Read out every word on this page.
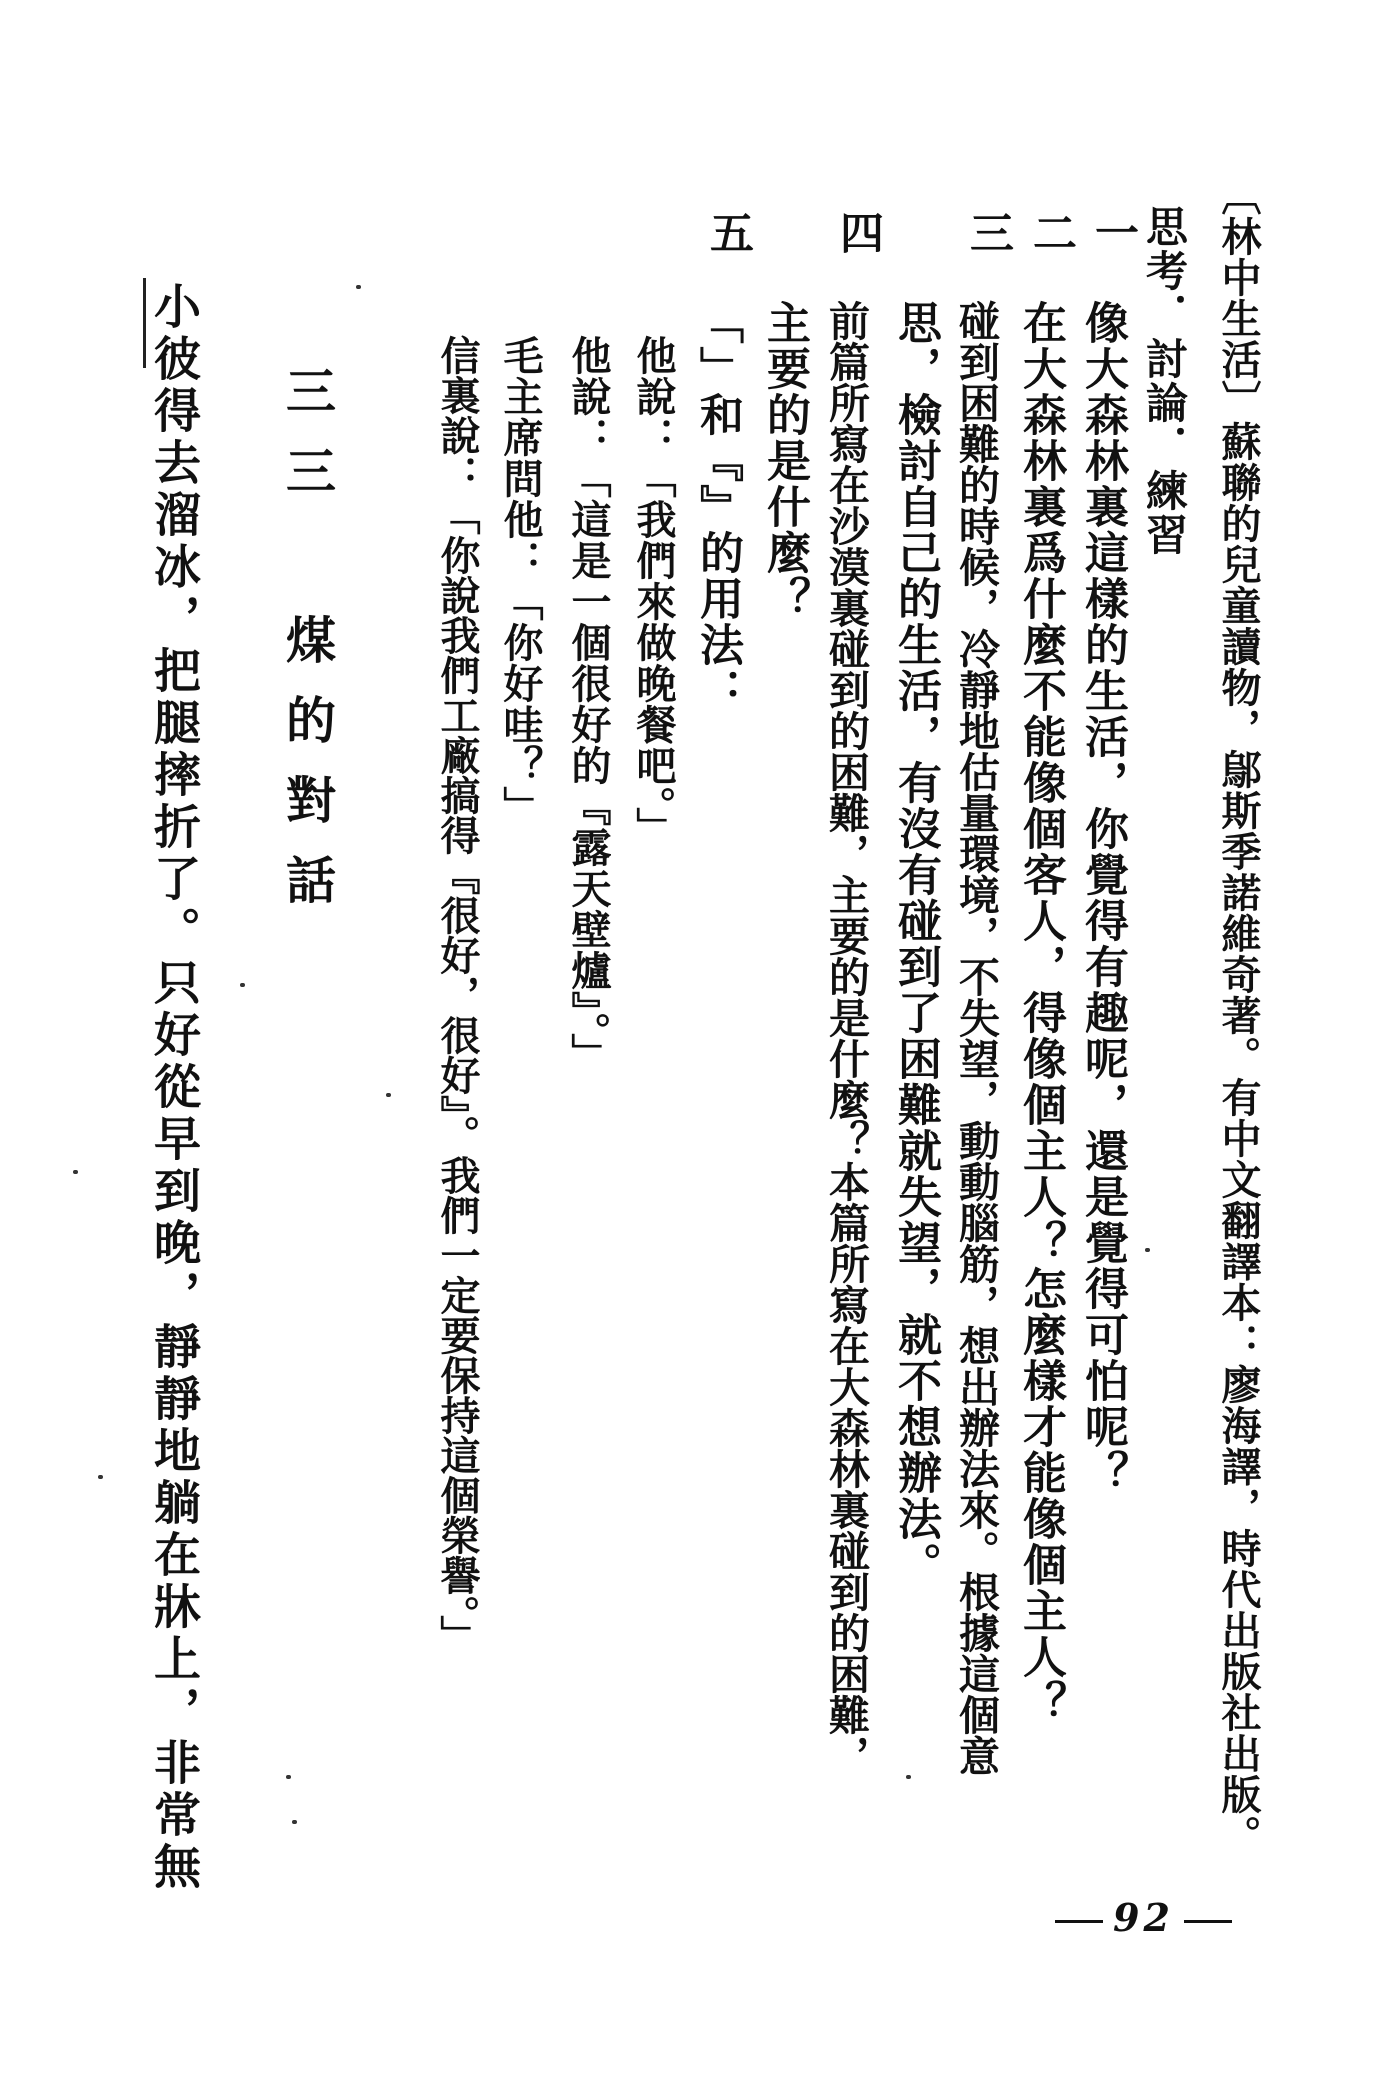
〔林中生活〕蘇聯的兒童讀物，鄔斯季諾維奇著。有中文翻譯本：廖海譯，時代出版社出版。
思考．討論．練習
一
像大森林裏這樣的生活，你覺得有趣呢，還是覺得可怕呢？
二
在大森林裏爲什麼不能像個客人，得像個主人？怎麼樣才能像個主人？
三
碰到困難的時候，冷靜地估量環境，不失望，動動腦筋，想出辦法來。根據這個意
思，檢討自己的生活，有沒有碰到了困難就失望，就不想辦法。
四
前篇所寫在沙漠裏碰到的困難，主要的是什麼？本篇所寫在大森林裏碰到的困難，
主要的是什麼？
五
「」和『』的用法：
他說：「我們來做晚餐吧。」
他說：「這是一個很好的『露天壁爐』。」
毛主席問他：「你好哇？」
信裏說：「你說我們工廠搞得『很好，很好』。我們一定要保持這個榮譽。」
三三 煤的對話
小彼得去溜冰，把腿摔折了。只好從早到晚，靜靜地躺在牀上，非常無
92
